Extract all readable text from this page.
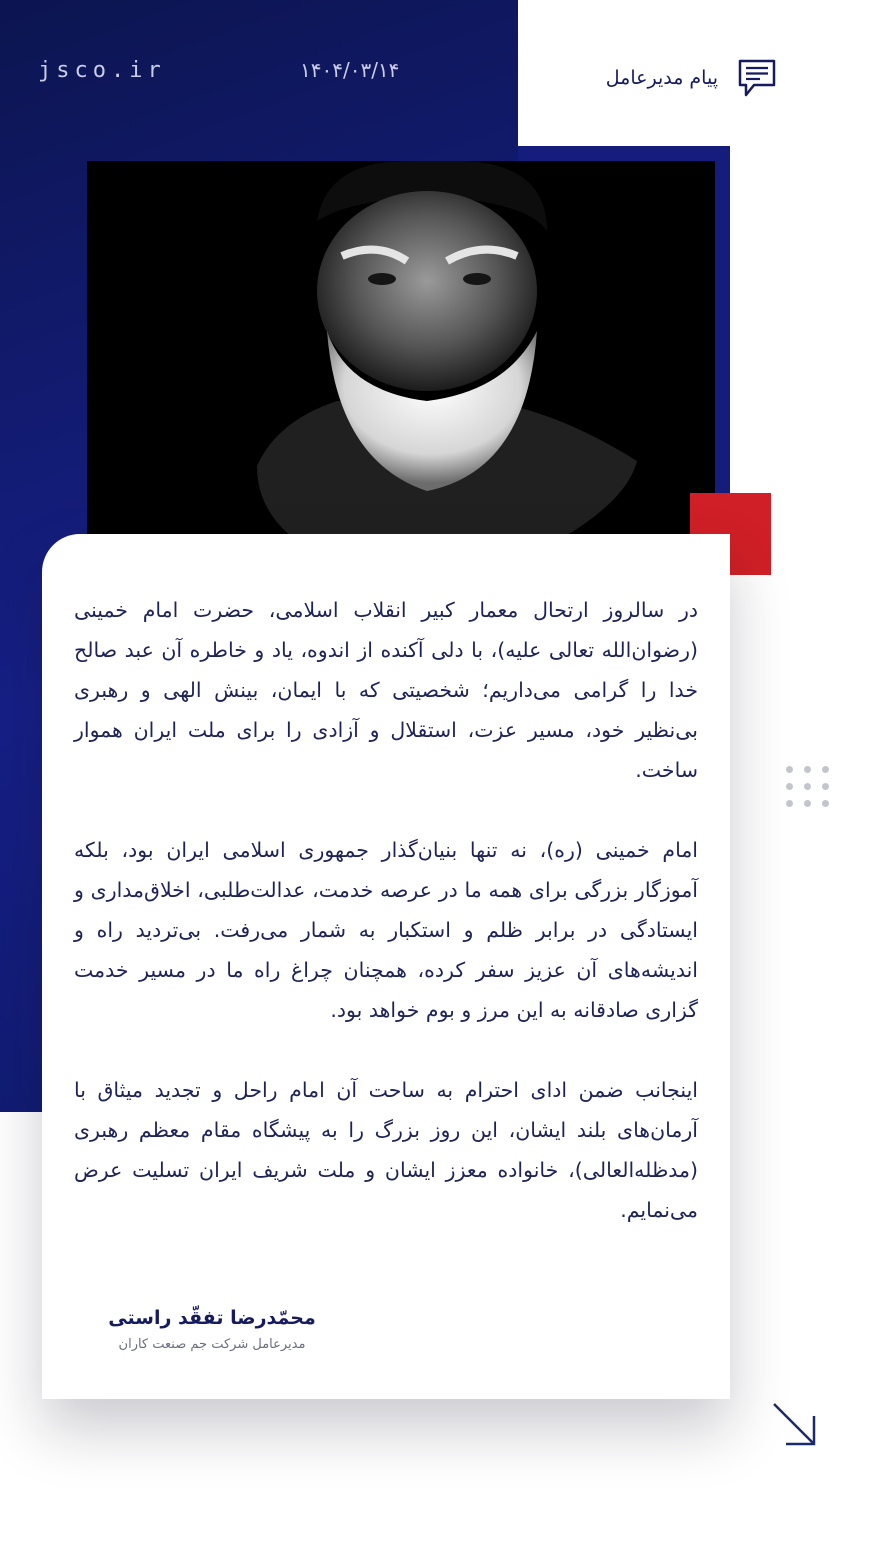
jsco.ir	۱۴۰۴/۰۳/۱۴	پیام مدیرعامل

در سالروز ارتحال معمار کبیر انقلاب اسلامی، حضرت امام خمینی (رضوان‌الله تعالی علیه)، با دلی آکنده از اندوه، یاد و خاطره آن عبد صالح خدا را گرامی می‌داریم؛ شخصیتی که با ایمان، بینش الهی و رهبری بی‌نظیر خود، مسیر عزت، استقلال و آزادی را برای ملت ایران هموار ساخت.

امام خمینی (ره)، نه تنها بنیان‌گذار جمهوری اسلامی ایران بود، بلکه آموزگار بزرگی برای همه ما در عرصه خدمت، عدالت‌طلبی، اخلاق‌مداری و ایستادگی در برابر ظلم و استکبار به شمار می‌رفت. بی‌تردید راه و اندیشه‌های آن عزیز سفر کرده، همچنان چراغ راه ما در مسیر خدمت گزاری صادقانه به این مرز و بوم خواهد بود.

اینجانب ضمن ادای احترام به ساحت آن امام راحل و تجدید میثاق با آرمان‌های بلند ایشان، این روز بزرگ را به پیشگاه مقام معظم رهبری (مدظله‌العالی)، خانواده معزز ایشان و ملت شریف ایران تسلیت عرض می‌نمایم.

محمّدرضا تفقّد راستی
مدیرعامل شرکت جم صنعت کاران
